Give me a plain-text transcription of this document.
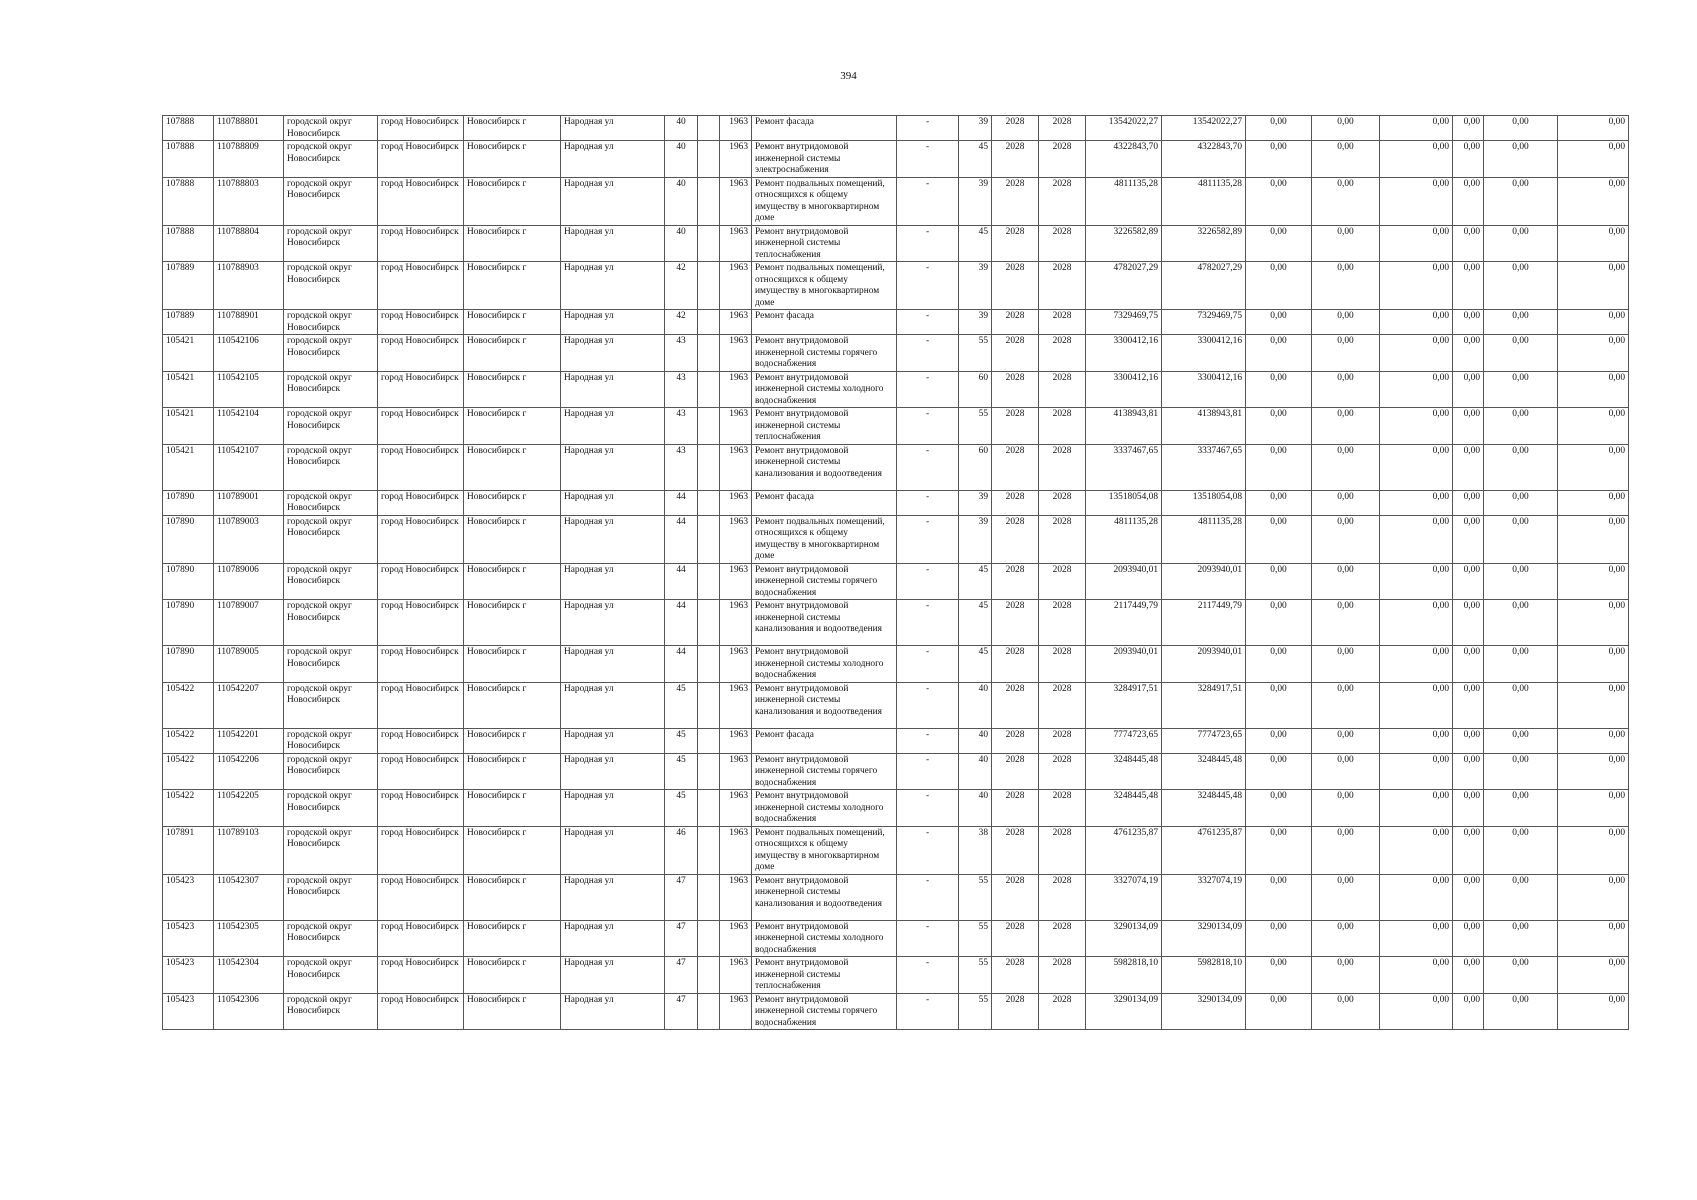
394
107888	110788801	городской округ Новосибирск	город Новосибирск	Новосибирск г	Народная ул	40		1963	Ремонт фасада	-	39	2028	2028	13542022,27	13542022,27	0,00	0,00	0,00	0,00	0,00	0,00
107888	110788809	городской округ Новосибирск	город Новосибирск	Новосибирск г	Народная ул	40		1963	Ремонт внутридомовой инженерной системы электроснабжения	-	45	2028	2028	4322843,70	4322843,70	0,00	0,00	0,00	0,00	0,00	0,00
107888	110788803	городской округ Новосибирск	город Новосибирск	Новосибирск г	Народная ул	40		1963	Ремонт подвальных помещений, относящихся к общему имуществу в многоквартирном доме	-	39	2028	2028	4811135,28	4811135,28	0,00	0,00	0,00	0,00	0,00	0,00
107888	110788804	городской округ Новосибирск	город Новосибирск	Новосибирск г	Народная ул	40		1963	Ремонт внутридомовой инженерной системы теплоснабжения	-	45	2028	2028	3226582,89	3226582,89	0,00	0,00	0,00	0,00	0,00	0,00
107889	110788903	городской округ Новосибирск	город Новосибирск	Новосибирск г	Народная ул	42		1963	Ремонт подвальных помещений, относящихся к общему имуществу в многоквартирном доме	-	39	2028	2028	4782027,29	4782027,29	0,00	0,00	0,00	0,00	0,00	0,00
107889	110788901	городской округ Новосибирск	город Новосибирск	Новосибирск г	Народная ул	42		1963	Ремонт фасада	-	39	2028	2028	7329469,75	7329469,75	0,00	0,00	0,00	0,00	0,00	0,00
105421	110542106	городской округ Новосибирск	город Новосибирск	Новосибирск г	Народная ул	43		1963	Ремонт внутридомовой инженерной системы горячего водоснабжения	-	55	2028	2028	3300412,16	3300412,16	0,00	0,00	0,00	0,00	0,00	0,00
105421	110542105	городской округ Новосибирск	город Новосибирск	Новосибирск г	Народная ул	43		1963	Ремонт внутридомовой инженерной системы холодного водоснабжения	-	60	2028	2028	3300412,16	3300412,16	0,00	0,00	0,00	0,00	0,00	0,00
105421	110542104	городской округ Новосибирск	город Новосибирск	Новосибирск г	Народная ул	43		1963	Ремонт внутридомовой инженерной системы теплоснабжения	-	55	2028	2028	4138943,81	4138943,81	0,00	0,00	0,00	0,00	0,00	0,00
105421	110542107	городской округ Новосибирск	город Новосибирск	Новосибирск г	Народная ул	43		1963	Ремонт внутридомовой инженерной системы канализования и водоотведения	-	60	2028	2028	3337467,65	3337467,65	0,00	0,00	0,00	0,00	0,00	0,00
107890	110789001	городской округ Новосибирск	город Новосибирск	Новосибирск г	Народная ул	44		1963	Ремонт фасада	-	39	2028	2028	13518054,08	13518054,08	0,00	0,00	0,00	0,00	0,00	0,00
107890	110789003	городской округ Новосибирск	город Новосибирск	Новосибирск г	Народная ул	44		1963	Ремонт подвальных помещений, относящихся к общему имуществу в многоквартирном доме	-	39	2028	2028	4811135,28	4811135,28	0,00	0,00	0,00	0,00	0,00	0,00
107890	110789006	городской округ Новосибирск	город Новосибирск	Новосибирск г	Народная ул	44		1963	Ремонт внутридомовой инженерной системы горячего водоснабжения	-	45	2028	2028	2093940,01	2093940,01	0,00	0,00	0,00	0,00	0,00	0,00
107890	110789007	городской округ Новосибирск	город Новосибирск	Новосибирск г	Народная ул	44		1963	Ремонт внутридомовой инженерной системы канализования и водоотведения	-	45	2028	2028	2117449,79	2117449,79	0,00	0,00	0,00	0,00	0,00	0,00
107890	110789005	городской округ Новосибирск	город Новосибирск	Новосибирск г	Народная ул	44		1963	Ремонт внутридомовой инженерной системы холодного водоснабжения	-	45	2028	2028	2093940,01	2093940,01	0,00	0,00	0,00	0,00	0,00	0,00
105422	110542207	городской округ Новосибирск	город Новосибирск	Новосибирск г	Народная ул	45		1963	Ремонт внутридомовой инженерной системы канализования и водоотведения	-	40	2028	2028	3284917,51	3284917,51	0,00	0,00	0,00	0,00	0,00	0,00
105422	110542201	городской округ Новосибирск	город Новосибирск	Новосибирск г	Народная ул	45		1963	Ремонт фасада	-	40	2028	2028	7774723,65	7774723,65	0,00	0,00	0,00	0,00	0,00	0,00
105422	110542206	городской округ Новосибирск	город Новосибирск	Новосибирск г	Народная ул	45		1963	Ремонт внутридомовой инженерной системы горячего водоснабжения	-	40	2028	2028	3248445,48	3248445,48	0,00	0,00	0,00	0,00	0,00	0,00
105422	110542205	городской округ Новосибирск	город Новосибирск	Новосибирск г	Народная ул	45		1963	Ремонт внутридомовой инженерной системы холодного водоснабжения	-	40	2028	2028	3248445,48	3248445,48	0,00	0,00	0,00	0,00	0,00	0,00
107891	110789103	городской округ Новосибирск	город Новосибирск	Новосибирск г	Народная ул	46		1963	Ремонт подвальных помещений, относящихся к общему имуществу в многоквартирном доме	-	38	2028	2028	4761235,87	4761235,87	0,00	0,00	0,00	0,00	0,00	0,00
105423	110542307	городской округ Новосибирск	город Новосибирск	Новосибирск г	Народная ул	47		1963	Ремонт внутридомовой инженерной системы канализования и водоотведения	-	55	2028	2028	3327074,19	3327074,19	0,00	0,00	0,00	0,00	0,00	0,00
105423	110542305	городской округ Новосибирск	город Новосибирск	Новосибирск г	Народная ул	47		1963	Ремонт внутридомовой инженерной системы холодного водоснабжения	-	55	2028	2028	3290134,09	3290134,09	0,00	0,00	0,00	0,00	0,00	0,00
105423	110542304	городской округ Новосибирск	город Новосибирск	Новосибирск г	Народная ул	47		1963	Ремонт внутридомовой инженерной системы теплоснабжения	-	55	2028	2028	5982818,10	5982818,10	0,00	0,00	0,00	0,00	0,00	0,00
105423	110542306	городской округ Новосибирск	город Новосибирск	Новосибирск г	Народная ул	47		1963	Ремонт внутридомовой инженерной системы горячего водоснабжения	-	55	2028	2028	3290134,09	3290134,09	0,00	0,00	0,00	0,00	0,00	0,00
